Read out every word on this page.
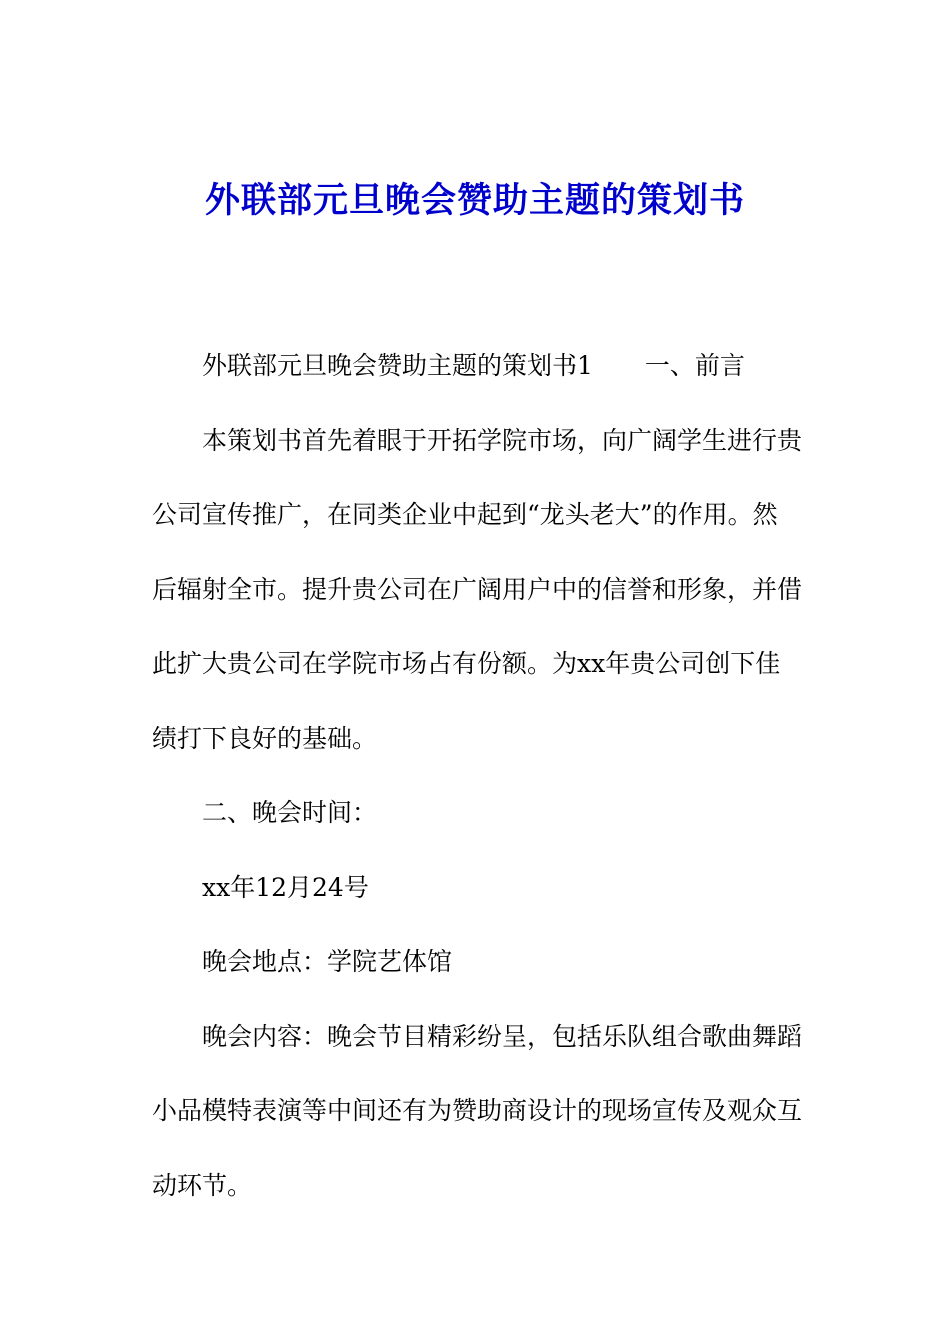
外联部元旦晚会赞助主题的策划书

外联部元旦晚会赞助主题的策划书1 一、前言

本策划书首先着眼于开拓学院市场，向广阔学生进行贵公司宣传推广，在同类企业中起到“龙头老大”的作用。然后辐射全市。提升贵公司在广阔用户中的信誉和形象，并借此扩大贵公司在学院市场占有份额。为xx年贵公司创下佳绩打下良好的基础。

二、晚会时间：

xx年12月24号

晚会地点：学院艺体馆

晚会内容：晚会节目精彩纷呈，包括乐队组合歌曲舞蹈小品模特表演等中间还有为赞助商设计的现场宣传及观众互动环节。
